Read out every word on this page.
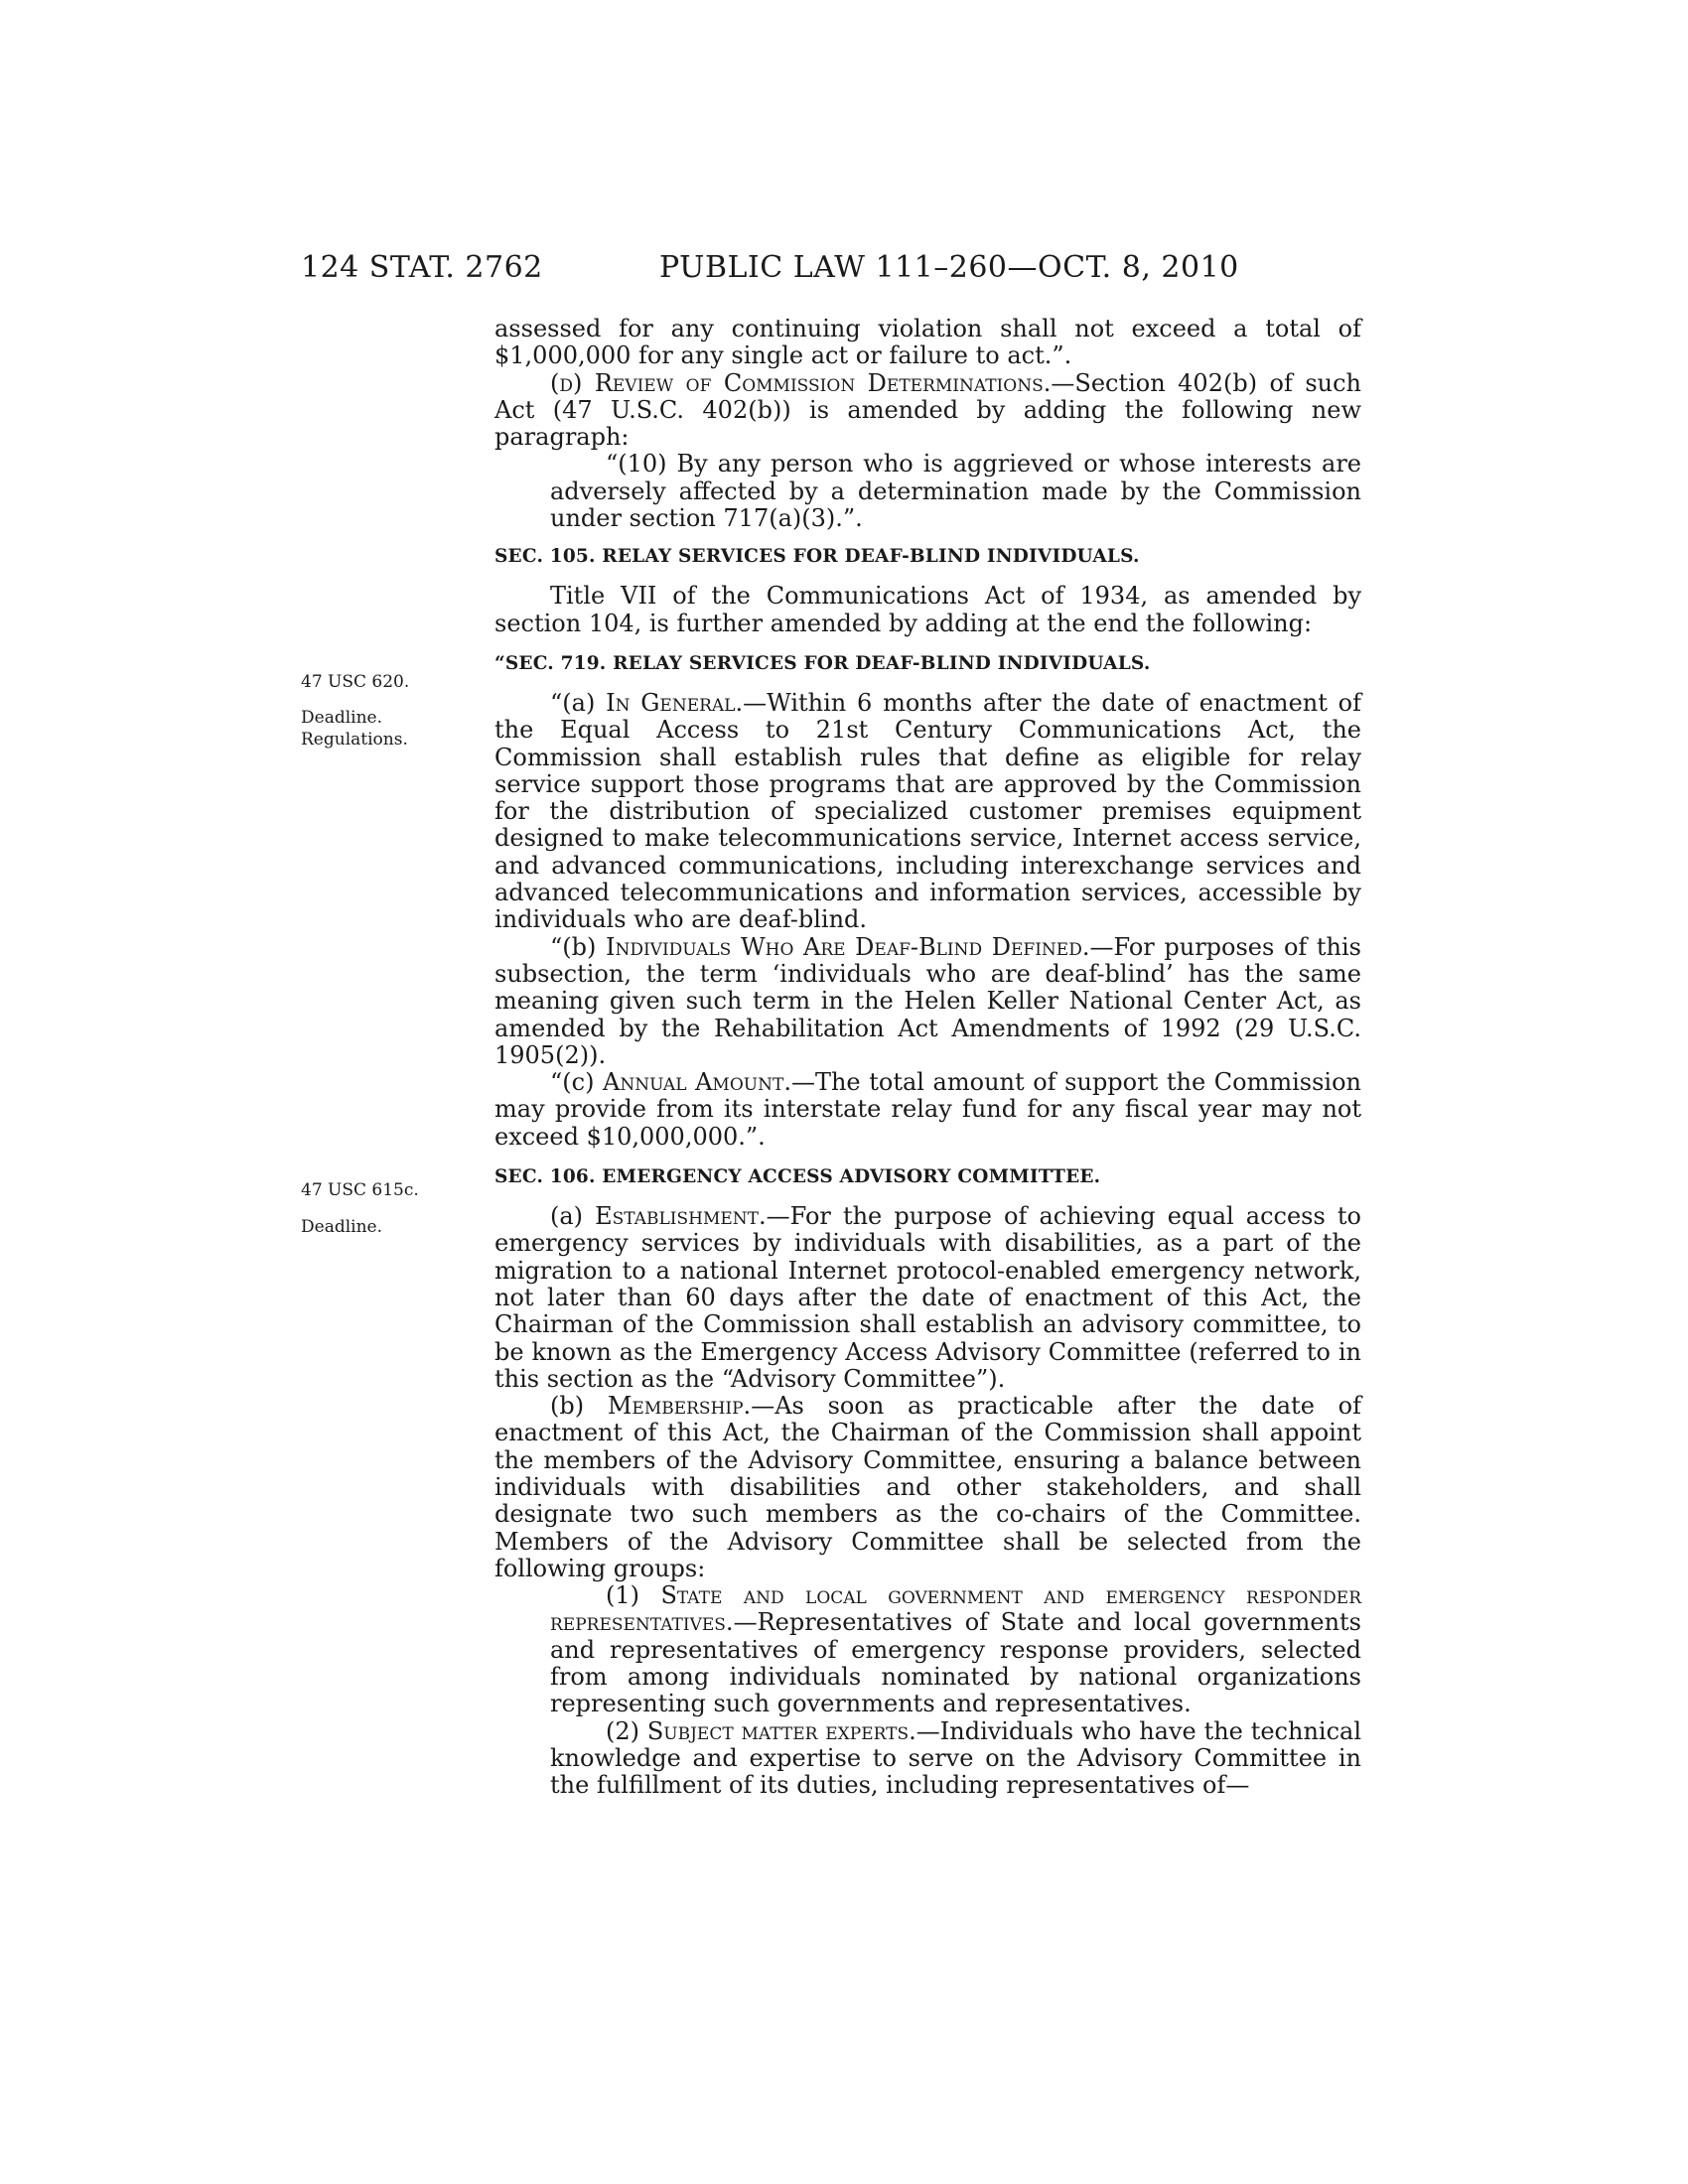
124 STAT. 2762	PUBLIC LAW 111–260—OCT. 8, 2010
47 USC 620.
Deadline.
Regulations.
47 USC 615c.
Deadline.

assessed for any continuing violation shall not exceed a total of $1,000,000 for any single act or failure to act.”.

(d) Review of Commission Determinations.—Section 402(b) of such Act (47 U.S.C. 402(b)) is amended by adding the following new paragraph:

“(10) By any person who is aggrieved or whose interests are adversely affected by a determination made by the Commission under section 717(a)(3).”.

SEC. 105. RELAY SERVICES FOR DEAF-BLIND INDIVIDUALS.

Title VII of the Communications Act of 1934, as amended by section 104, is further amended by adding at the end the following:

“SEC. 719. RELAY SERVICES FOR DEAF-BLIND INDIVIDUALS.

“(a) In General.—Within 6 months after the date of enactment of the Equal Access to 21st Century Communications Act, the Commission shall establish rules that define as eligible for relay service support those programs that are approved by the Commission for the distribution of specialized customer premises equipment designed to make telecommunications service, Internet access service, and advanced communications, including interexchange services and advanced telecommunications and information services, accessible by individuals who are deaf-blind.

“(b) Individuals Who Are Deaf-Blind Defined.—For purposes of this subsection, the term ‘individuals who are deaf-blind’ has the same meaning given such term in the Helen Keller National Center Act, as amended by the Rehabilitation Act Amendments of 1992 (29 U.S.C. 1905(2)).

“(c) Annual Amount.—The total amount of support the Commission may provide from its interstate relay fund for any fiscal year may not exceed $10,000,000.”.

SEC. 106. EMERGENCY ACCESS ADVISORY COMMITTEE.

(a) Establishment.—For the purpose of achieving equal access to emergency services by individuals with disabilities, as a part of the migration to a national Internet protocol-enabled emergency network, not later than 60 days after the date of enactment of this Act, the Chairman of the Commission shall establish an advisory committee, to be known as the Emergency Access Advisory Committee (referred to in this section as the “Advisory Committee”).

(b) Membership.—As soon as practicable after the date of enactment of this Act, the Chairman of the Commission shall appoint the members of the Advisory Committee, ensuring a balance between individuals with disabilities and other stakeholders, and shall designate two such members as the co-chairs of the Committee. Members of the Advisory Committee shall be selected from the following groups:

(1) State and local government and emergency responder representatives.—Representatives of State and local governments and representatives of emergency response providers, selected from among individuals nominated by national organizations representing such governments and representatives.

(2) Subject matter experts.—Individuals who have the technical knowledge and expertise to serve on the Advisory Committee in the fulfillment of its duties, including representatives of—
